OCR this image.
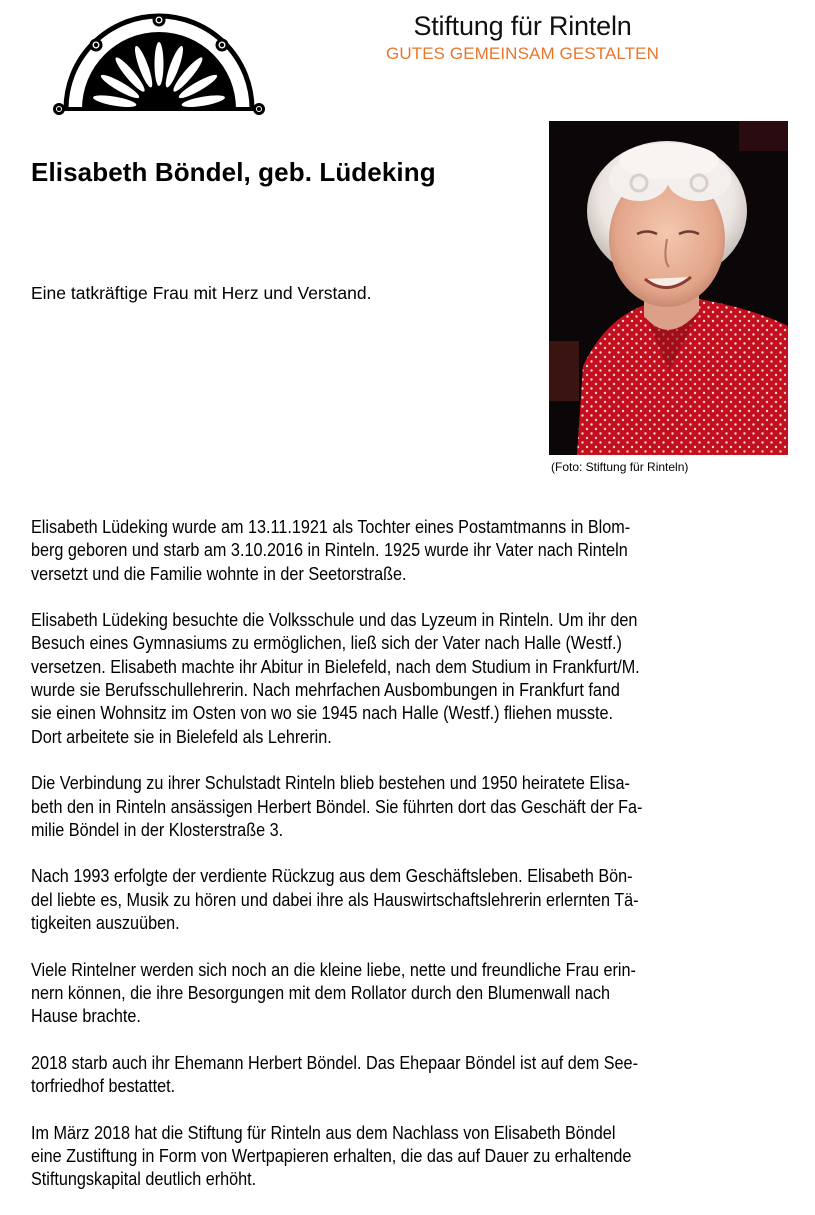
Stiftung für Rinteln
GUTES GEMEINSAM GESTALTEN
Elisabeth Böndel, geb. Lüdeking
Eine tatkräftige Frau mit Herz und Verstand.
(Foto: Stiftung für Rinteln)

Elisabeth Lüdeking wurde am 13.11.1921 als Tochter eines Postamtmanns in Blom-
berg geboren und starb am 3.10.2016 in Rinteln. 1925 wurde ihr Vater nach Rinteln
versetzt und die Familie wohnte in der Seetorstraße.

Elisabeth Lüdeking besuchte die Volksschule und das Lyzeum in Rinteln. Um ihr den
Besuch eines Gymnasiums zu ermöglichen, ließ sich der Vater nach Halle (Westf.)
versetzen. Elisabeth machte ihr Abitur in Bielefeld, nach dem Studium in Frankfurt/M.
wurde sie Berufsschullehrerin. Nach mehrfachen Ausbombungen in Frankfurt fand
sie einen Wohnsitz im Osten von wo sie 1945 nach Halle (Westf.) fliehen musste.
Dort arbeitete sie in Bielefeld als Lehrerin.

Die Verbindung zu ihrer Schulstadt Rinteln blieb bestehen und 1950 heiratete Elisa-
beth den in Rinteln ansässigen Herbert Böndel. Sie führten dort das Geschäft der Fa-
milie Böndel in der Klosterstraße 3.

Nach 1993 erfolgte der verdiente Rückzug aus dem Geschäftsleben. Elisabeth Bön-
del liebte es, Musik zu hören und dabei ihre als Hauswirtschaftslehrerin erlernten Tä-
tigkeiten auszuüben.

Viele Rintelner werden sich noch an die kleine liebe, nette und freundliche Frau erin-
nern können, die ihre Besorgungen mit dem Rollator durch den Blumenwall nach
Hause brachte.

2018 starb auch ihr Ehemann Herbert Böndel. Das Ehepaar Böndel ist auf dem See-
torfriedhof bestattet.

Im März 2018 hat die Stiftung für Rinteln aus dem Nachlass von Elisabeth Böndel
eine Zustiftung in Form von Wertpapieren erhalten, die das auf Dauer zu erhaltende
Stiftungskapital deutlich erhöht.
